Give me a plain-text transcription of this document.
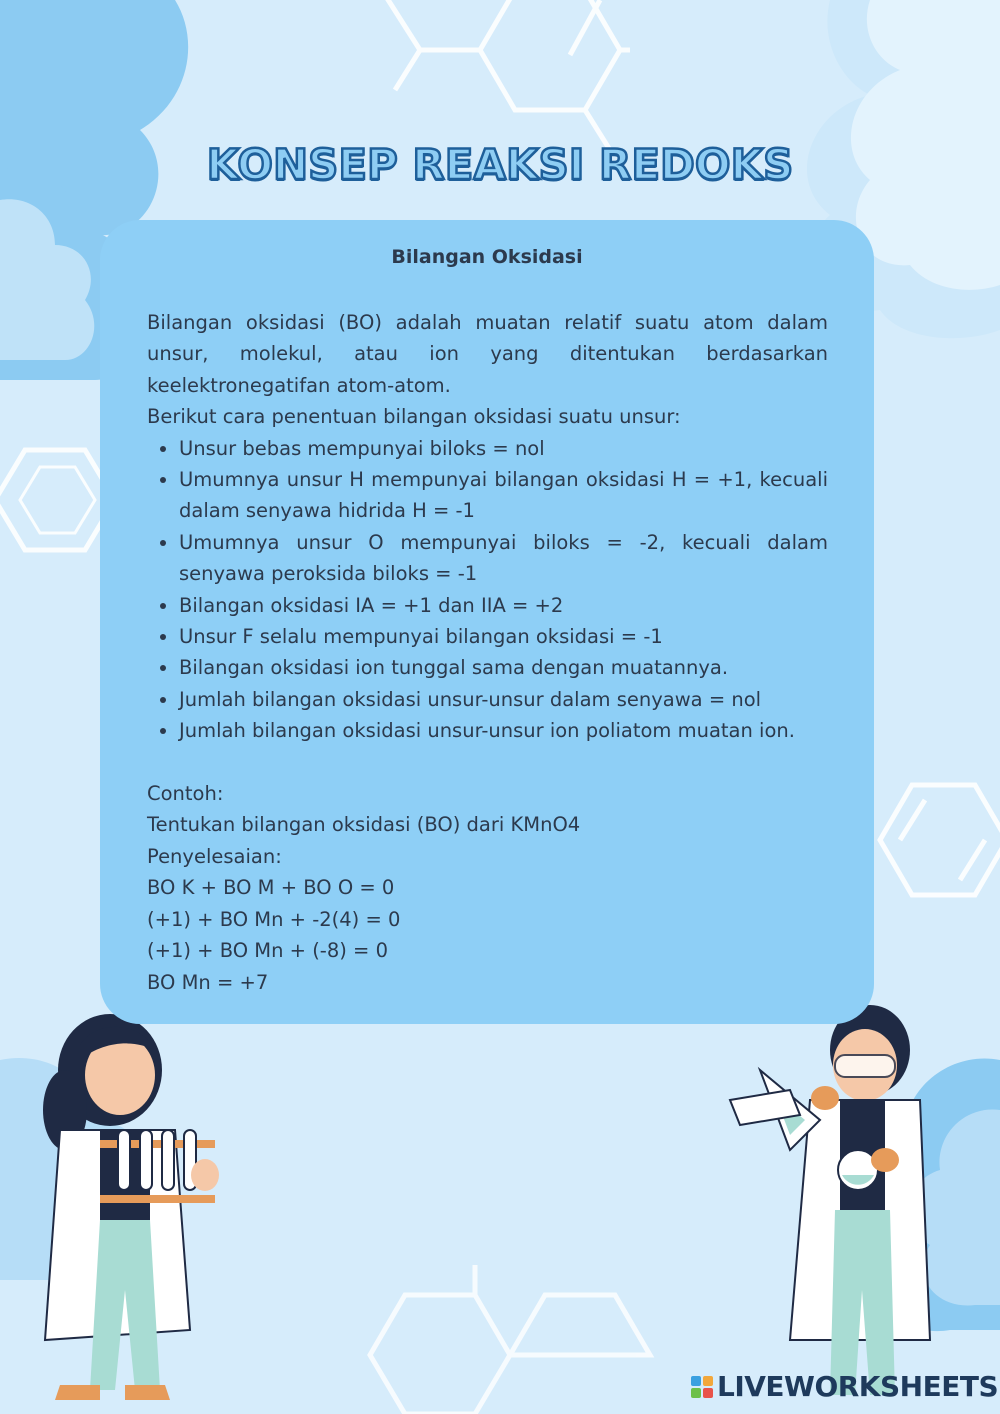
KONSEP REAKSI REDOKS
Bilangan Oksidasi

Bilangan oksidasi (BO) adalah muatan relatif suatu atom dalam unsur, molekul, atau ion yang ditentukan berdasarkan keelektronegatifan atom-atom.

Berikut cara penentuan bilangan oksidasi suatu unsur:

• Unsur bebas mempunyai biloks = nol
• Umumnya unsur H mempunyai bilangan oksidasi H = +1, kecuali dalam senyawa hidrida H = -1
• Umumnya unsur O mempunyai biloks = -2, kecuali dalam senyawa peroksida biloks = -1
• Bilangan oksidasi IA = +1 dan IIA = +2
• Unsur F selalu mempunyai bilangan oksidasi = -1
• Bilangan oksidasi ion tunggal sama dengan muatannya.
• Jumlah bilangan oksidasi unsur-unsur dalam senyawa = nol
• Jumlah bilangan oksidasi unsur-unsur ion poliatom muatan ion.

Contoh:

Tentukan bilangan oksidasi (BO) dari KMnO4

Penyelesaian:

BO K + BO M + BO O = 0

(+1) + BO Mn + -2(4) = 0

(+1) + BO Mn + (-8) = 0

BO Mn = +7

LIVEWORKSHEETS
